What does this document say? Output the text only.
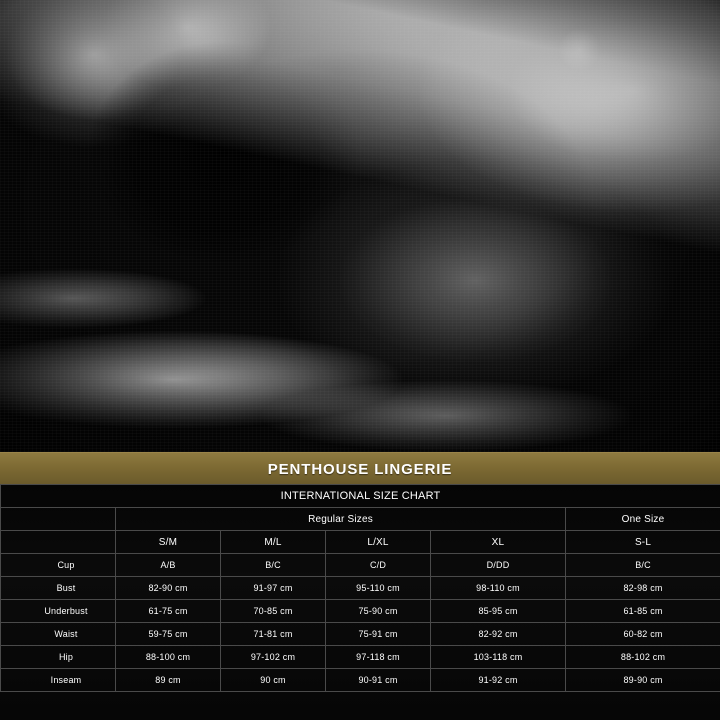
PENTHOUSE LINGERIE
INTERNATIONAL SIZE CHART					
	Regular Sizes				One Size
	S/M	M/L	L/XL	XL	S-L
Cup	A/B	B/C	C/D	D/DD	B/C
Bust	82-90 cm	91-97 cm	95-110 cm	98-110 cm	82-98 cm
Underbust	61-75 cm	70-85 cm	75-90 cm	85-95 cm	61-85 cm
Waist	59-75 cm	71-81 cm	75-91 cm	82-92 cm	60-82 cm
Hip	88-100 cm	97-102 cm	97-118 cm	103-118 cm	88-102 cm
Inseam	89 cm	90 cm	90-91 cm	91-92 cm	89-90 cm
